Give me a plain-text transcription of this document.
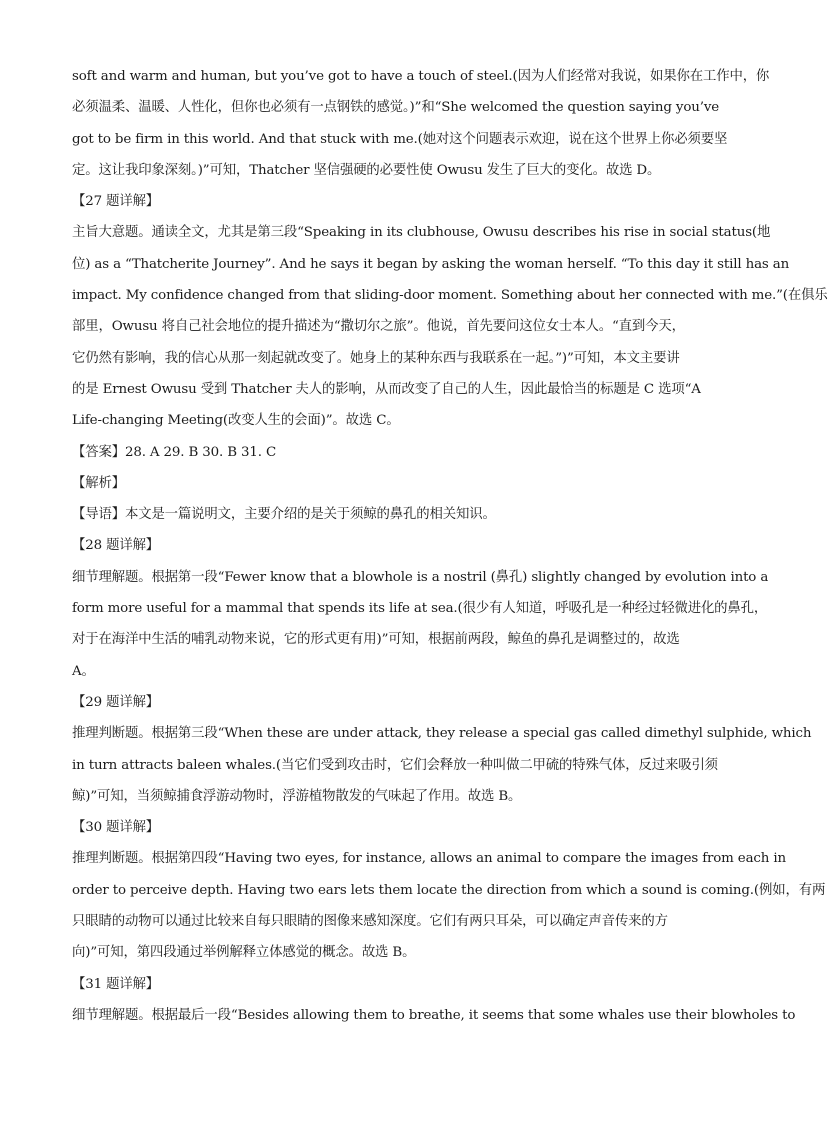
soft and warm and human, but you’ve got to have a touch of steel.(因为人们经常对我说，如果你在工作中，你
必须温柔、温暖、人性化，但你也必须有一点钢铁的感觉。)”和“She welcomed the question saying you’ve
got to be firm in this world. And that stuck with me.(她对这个问题表示欢迎，说在这个世界上你必须要坚
定。这让我印象深刻。)”可知，Thatcher 坚信强硬的必要性使 Owusu 发生了巨大的变化。故选 D。
【27 题详解】
主旨大意题。通读全文，尤其是第三段“Speaking in its clubhouse, Owusu describes his rise in social status(地
位) as a “Thatcherite Journey”. And he says it began by asking the woman herself. “To this day it still has an
impact. My confidence changed from that sliding-door moment. Something about her connected with me.”(在俱乐
部里，Owusu 将自己社会地位的提升描述为“撒切尔之旅”。他说，首先要问这位女士本人。“直到今天，
它仍然有影响，我的信心从那一刻起就改变了。她身上的某种东西与我联系在一起。”)”可知，本文主要讲
的是 Ernest Owusu 受到 Thatcher 夫人的影响，从而改变了自己的人生，因此最恰当的标题是 C 选项“A
Life-changing Meeting(改变人生的会面)”。故选 C。
【答案】28. A 29. B 30. B 31. C
【解析】
【导语】本文是一篇说明文，主要介绍的是关于须鲸的鼻孔的相关知识。
【28 题详解】
细节理解题。根据第一段“Fewer know that a blowhole is a nostril (鼻孔) slightly changed by evolution into a
form more useful for a mammal that spends its life at sea.(很少有人知道，呼吸孔是一种经过轻微进化的鼻孔，
对于在海洋中生活的哺乳动物来说，它的形式更有用)”可知，根据前两段，鲸鱼的鼻孔是调整过的，故选
A。
【29 题详解】
推理判断题。根据第三段“When these are under attack, they release a special gas called dimethyl sulphide, which
in turn attracts baleen whales.(当它们受到攻击时，它们会释放一种叫做二甲硫的特殊气体，反过来吸引须
鲸)”可知，当须鲸捕食浮游动物时，浮游植物散发的气味起了作用。故选 B。
【30 题详解】
推理判断题。根据第四段“Having two eyes, for instance, allows an animal to compare the images from each in
order to perceive depth. Having two ears lets them locate the direction from which a sound is coming.(例如，有两
只眼睛的动物可以通过比较来自每只眼睛的图像来感知深度。它们有两只耳朵，可以确定声音传来的方
向)”可知，第四段通过举例解释立体感觉的概念。故选 B。
【31 题详解】
细节理解题。根据最后一段“Besides allowing them to breathe, it seems that some whales use their blowholes to
